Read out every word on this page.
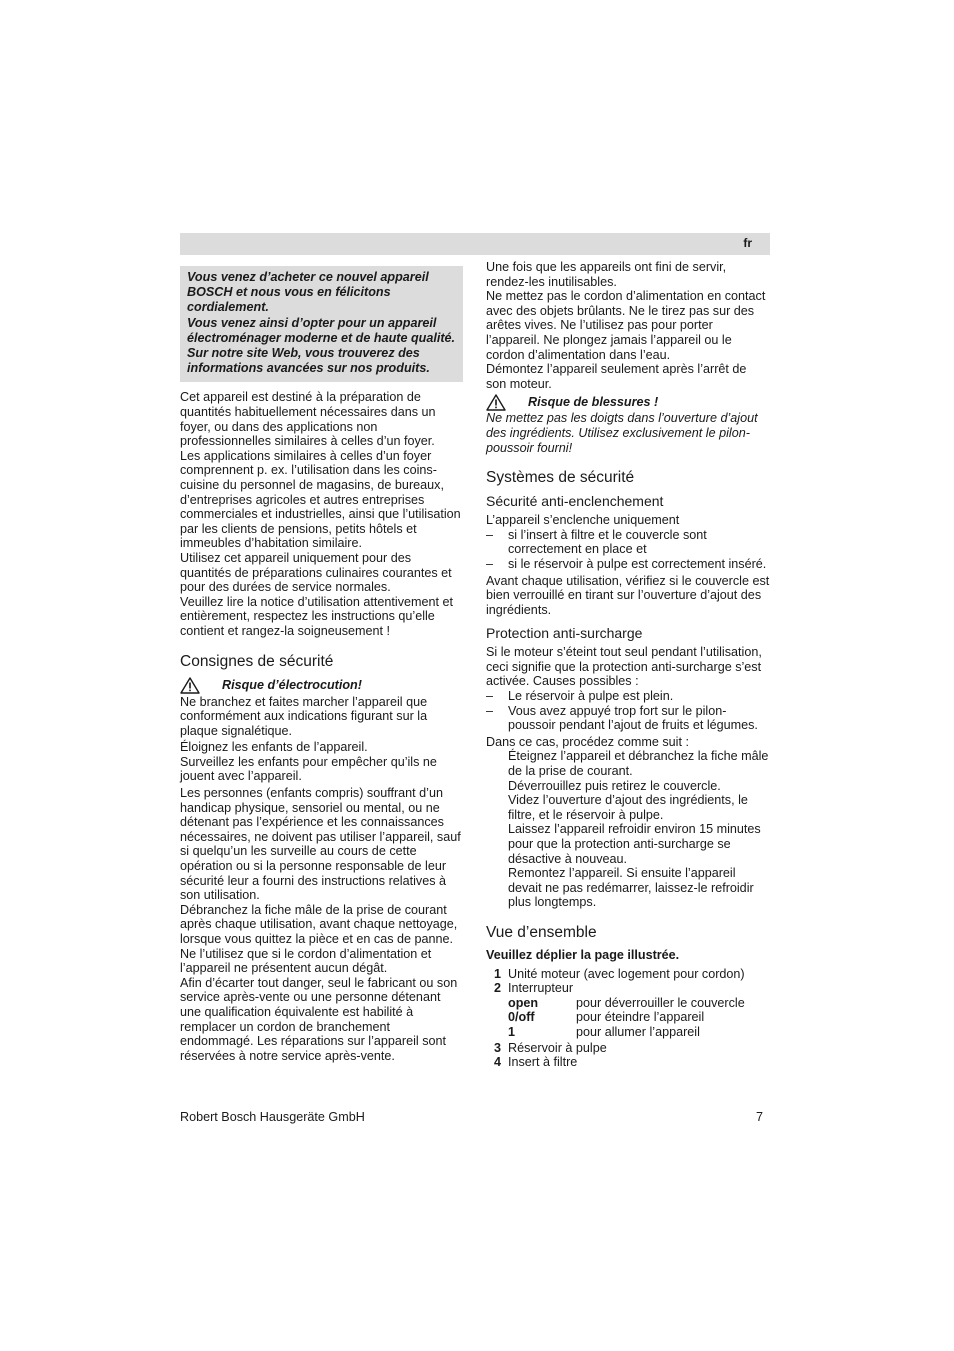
fr

Vous venez d’acheter ce nouvel appareil BOSCH et nous vous en félicitons cordialement.

Vous venez ainsi d’opter pour un appareil électroménager moderne et de haute qualité. Sur notre site Web, vous trouverez des informations avancées sur nos produits.

Cet appareil est destiné à la préparation de quantités habituellement nécessaires dans un foyer, ou dans des applications non professionnelles similaires à celles d’un foyer.

Les applications similaires à celles d’un foyer comprennent p. ex. l’utilisation dans les coins-cuisine du personnel de magasins, de bureaux, d’entreprises agricoles et autres entreprises commerciales et industrielles, ainsi que l’utilisation par les clients de pensions, petits hôtels et immeubles d’habitation similaire.

Utilisez cet appareil uniquement pour des quantités de préparations culinaires courantes et pour des durées de service normales.

Veuillez lire la notice d’utilisation attentivement et entièrement, respectez les instructions qu’elle contient et rangez-la soigneusement !

Consignes de sécurité
Risque d’électrocution!

Ne branchez et faites marcher l’appareil que conformément aux indications figurant sur la plaque signalétique.

Éloignez les enfants de l’appareil.

Surveillez les enfants pour empêcher qu’ils ne jouent avec l’appareil.

Les personnes (enfants compris) souffrant d’un handicap physique, sensoriel ou mental, ou ne détenant pas l’expérience et les connaissances nécessaires, ne doivent pas utiliser l’appareil, sauf si quelqu’un les surveille au cours de cette opération ou si la personne responsable de leur sécurité leur a fourni des instructions relatives à son utilisation.

Débranchez la fiche mâle de la prise de courant après chaque utilisation, avant chaque nettoyage, lorsque vous quittez la pièce et en cas de panne.

Ne l’utilisez que si le cordon d’alimentation et l’appareil ne présentent aucun dégât.

Afin d’écarter tout danger, seul le fabricant ou son service après-vente ou une personne détenant une qualification équivalente est habilité à remplacer un cordon de branchement endommagé. Les réparations sur l’appareil sont réservées à notre service après-vente.

Une fois que les appareils ont fini de servir, rendez-les inutilisables.

Ne mettez pas le cordon d’alimentation en contact avec des objets brûlants. Ne le tirez pas sur des arêtes vives. Ne l’utilisez pas pour porter l’appareil. Ne plongez jamais l’appareil ou le cordon d’alimentation dans l’eau.

Démontez l’appareil seulement après l’arrêt de son moteur.

Risque de blessures !

Ne mettez pas les doigts dans l’ouverture d’ajout des ingrédients. Utilisez exclusivement le pilon-poussoir fourni!

Systèmes de sécurité
Sécurité anti-enclenchement

L’appareil s’enclenche uniquement

–	si l’insert à filtre et le couvercle sont correctement en place et
–	si le réservoir à pulpe est correctement inséré.

Avant chaque utilisation, vérifiez si le couvercle est bien verrouillé en tirant sur l’ouverture d’ajout des ingrédients.

Protection anti-surcharge

Si le moteur s’éteint tout seul pendant l’utilisation, ceci signifie que la protection anti-surcharge s’est activée. Causes possibles :

–	Le réservoir à pulpe est plein.
–	Vous avez appuyé trop fort sur le pilon-poussoir pendant l’ajout de fruits et légumes.

Dans ce cas, procédez comme suit :

Éteignez l’appareil et débranchez la fiche mâle de la prise de courant.

Déverrouillez puis retirez le couvercle.

Videz l’ouverture d’ajout des ingrédients, le filtre, et le réservoir à pulpe.

Laissez l’appareil refroidir environ 15 minutes pour que la protection anti-surcharge se désactive à nouveau.

Remontez l’appareil. Si ensuite l’appareil devait ne pas redémarrer, laissez-le refroidir plus longtemps.

Vue d’ensemble

Veuillez déplier la page illustrée.

1 Unité moteur (avec logement pour cordon)
2 Interrupteur
open	pour déverrouiller le couvercle
0/off	pour éteindre l’appareil
1	pour allumer l’appareil
3 Réservoir à pulpe
4 Insert à filtre
Robert Bosch Hausgeräte GmbH	7
